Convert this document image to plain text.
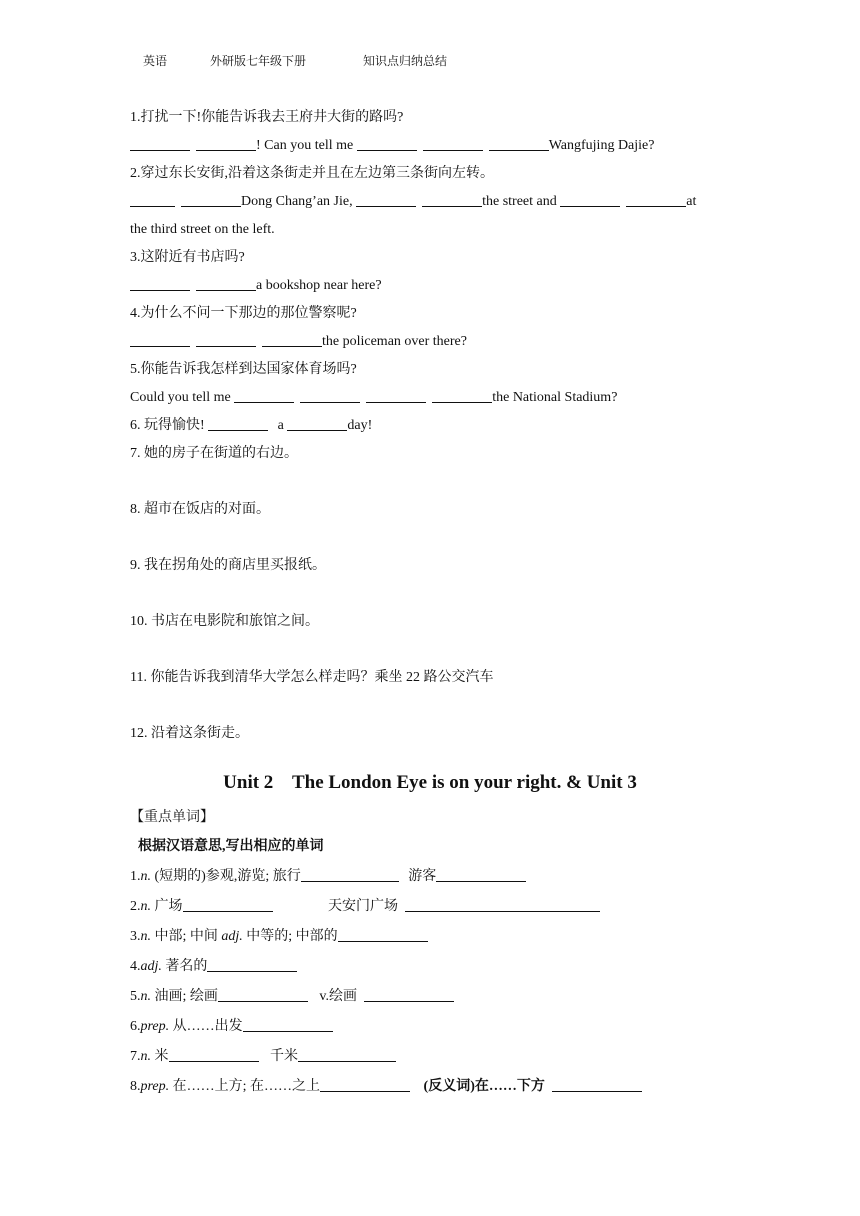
英语	外研版七年级下册	知识点归纳总结
1.打扰一下!你能告诉我去王府井大街的路吗?
! Can you tell me	Wangfujing Dajie?
2.穿过东长安街,沿着这条街走并且在左边第三条街向左转。
Dong Chang’an Jie,	the street and	at
the third street on the left.
3.这附近有书店吗?
a bookshop near here?
4.为什么不问一下那边的那位警察呢?
the policeman over there?
5.你能告诉我怎样到达国家体育场吗?
Could you tell me	the National Stadium?
6. 玩得愉快!	a	day!
7. 她的房子在街道的右边。
8. 超市在饭店的对面。
9. 我在拐角处的商店里买报纸。
10. 书店在电影院和旅馆之间。
11. 你能告诉我到清华大学怎么样走吗？乘坐 22 路公交汽车
12. 沿着这条街走。
Unit 2    The London Eye is on your right. & Unit 3
【重点单词】
根据汉语意思,写出相应的单词
1.n. (短期的)参观,游览; 旅行	游客
2.n. 广场	天安门广场
3.n. 中部; 中间 adj. 中等的; 中部的
4.adj. 著名的
5.n. 油画; 绘画	v.绘画
6.prep. 从……出发
7.n. 米	千米
8.prep. 在……上方; 在……之上	(反义词)在……下方
